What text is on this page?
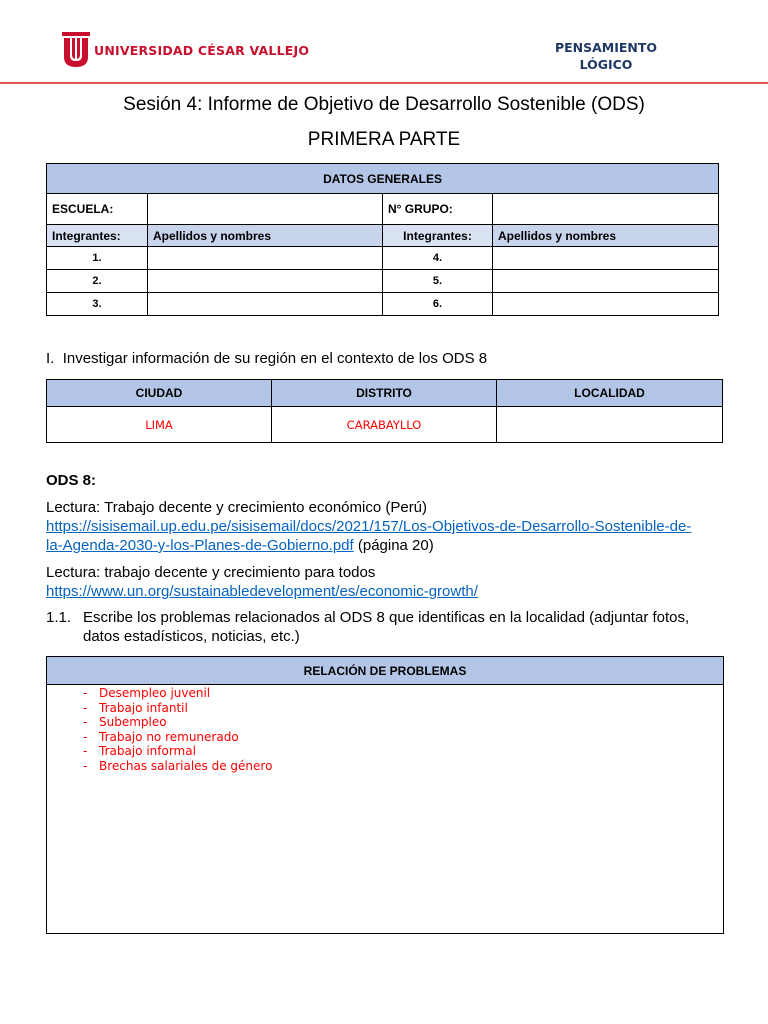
UNIVERSIDAD CÉSAR VALLEJO	PENSAMIENTO
LÓGICO
Sesión 4: Informe de Objetivo de Desarrollo Sostenible (ODS)
PRIMERA PARTE
DATOS GENERALES			
ESCUELA:		N° GRUPO:	
Integrantes:	Apellidos y nombres	Integrantes:	Apellidos y nombres
1.		4.	
2.		5.	
3.		6.	
I. Investigar información de su región en el contexto de los ODS 8
CIUDAD	DISTRITO	LOCALIDAD
LIMA	CARABAYLLO	
ODS 8:
Lectura: Trabajo decente y crecimiento económico (Perú)
https://sisisemail.up.edu.pe/sisisemail/docs/2021/157/Los-Objetivos-de-Desarrollo-Sostenible-de-
la-Agenda-2030-y-los-Planes-de-Gobierno.pdf (página 20)
Lectura: trabajo decente y crecimiento para todos
https://www.un.org/sustainabledevelopment/es/economic-growth/
1.1. Escribe los problemas relacionados al ODS 8 que identificas en la localidad (adjuntar fotos,
datos estadísticos, noticias, etc.)
RELACIÓN DE PROBLEMAS

- Desempleo juvenil
- Trabajo infantil
- Subempleo
- Trabajo no remunerado
- Trabajo informal
- Brechas salariales de género
